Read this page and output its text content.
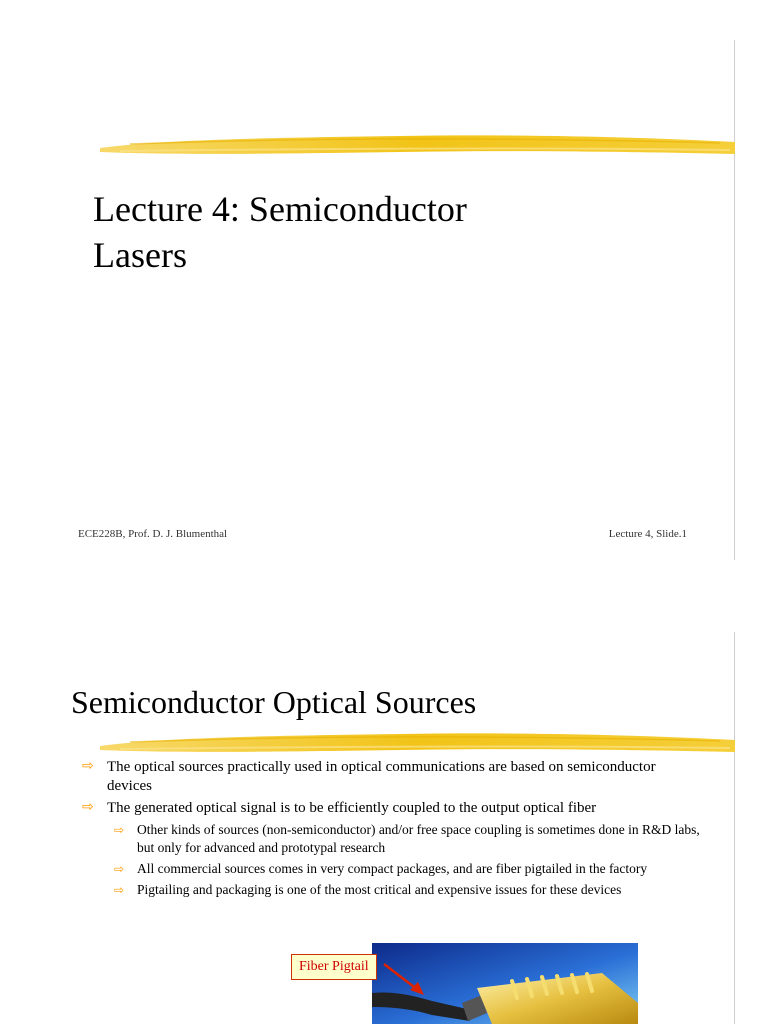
Lecture 4: Semiconductor
Lasers
ECE228B, Prof. D. J. Blumenthal	Lecture 4, Slide.1
Semiconductor Optical Sources
⇨ The optical sources practically used in optical communications are based on semiconductor devices
⇨ The generated optical signal is to be efficiently coupled to the output optical fiber
⇨ Other kinds of sources (non-semiconductor) and/or free space coupling is sometimes done in R&D labs, but only for advanced and prototypal research
⇨ All commercial sources comes in very compact packages, and are fiber pigtailed in the factory
⇨ Pigtailing and packaging is one of the most critical and expensive issues for these devices
Fiber Pigtail
